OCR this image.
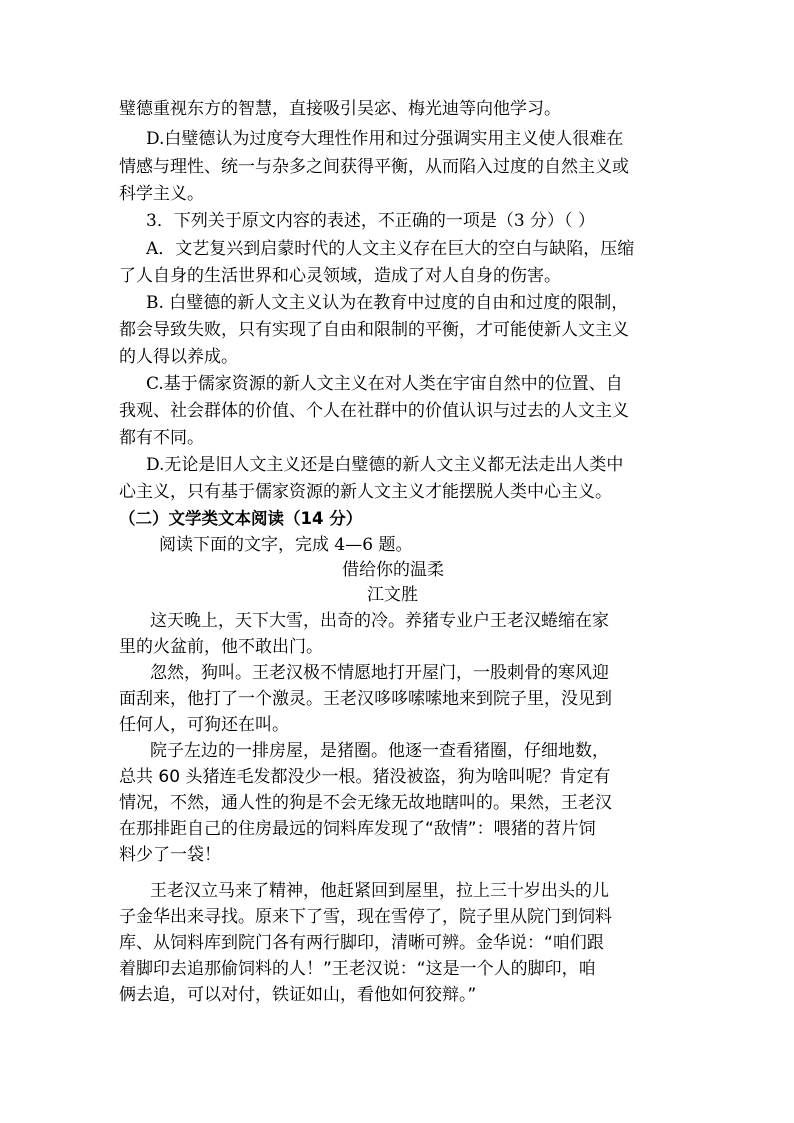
璧德重视东方的智慧，直接吸引吴宓、梅光迪等向他学习。
D.白璧德认为过度夸大理性作用和过分强调实用主义使人很难在
情感与理性、统一与杂多之间获得平衡，从而陷入过度的自然主义或
科学主义。
3．下列关于原文内容的表述，不正确的一项是（3 分）（ ）
A．文艺复兴到启蒙时代的人文主义存在巨大的空白与缺陷，压缩
了人自身的生活世界和心灵领域，造成了对人自身的伤害。
B. 白璧德的新人文主义认为在教育中过度的自由和过度的限制，
都会导致失败，只有实现了自由和限制的平衡，才可能使新人文主义
的人得以养成。
C.基于儒家资源的新人文主义在对人类在宇宙自然中的位置、自
我观、社会群体的价值、个人在社群中的价值认识与过去的人文主义
都有不同。
D.无论是旧人文主义还是白璧德的新人文主义都无法走出人类中
心主义，只有基于儒家资源的新人文主义才能摆脱人类中心主义。
（二）文学类文本阅读（14 分）
阅读下面的文字，完成 4—6 题。
借给你的温柔
江文胜
这天晚上，天下大雪，出奇的冷。养猪专业户王老汉蜷缩在家
里的火盆前，他不敢出门。
忽然，狗叫。王老汉极不情愿地打开屋门，一股刺骨的寒风迎
面刮来，他打了一个激灵。王老汉哆哆嗦嗦地来到院子里，没见到
任何人，可狗还在叫。
院子左边的一排房屋，是猪圈。他逐一查看猪圈，仔细地数，
总共 60 头猪连毛发都没少一根。猪没被盗，狗为啥叫呢？肯定有
情况，不然，通人性的狗是不会无缘无故地瞎叫的。果然，王老汉
在那排距自己的住房最远的饲料库发现了“敌情”：喂猪的苕片饲
料少了一袋！
王老汉立马来了精神，他赶紧回到屋里，拉上三十岁出头的儿
子金华出来寻找。原来下了雪，现在雪停了，院子里从院门到饲料
库、从饲料库到院门各有两行脚印，清晰可辨。金华说：“咱们跟
着脚印去追那偷饲料的人！”王老汉说：“这是一个人的脚印，咱
俩去追，可以对付，铁证如山，看他如何狡辩。”
